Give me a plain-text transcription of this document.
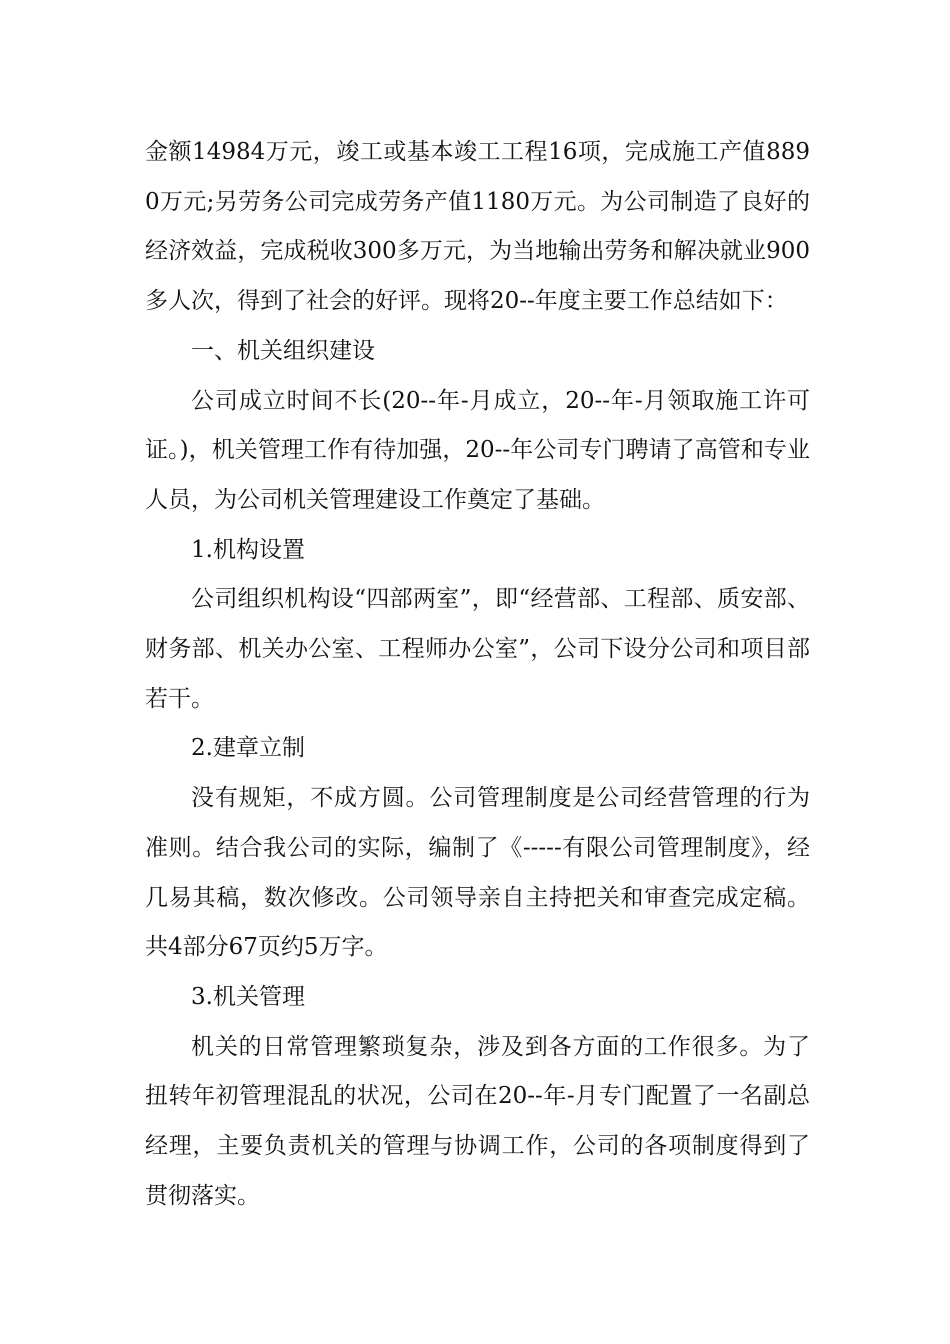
金额14984万元，竣工或基本竣工工程16项，完成施工产值8890万元;另劳务公司完成劳务产值1180万元。为公司制造了良好的经济效益，完成税收300多万元，为当地输出劳务和解决就业900多人次，得到了社会的好评。现将20--年度主要工作总结如下：

一、机关组织建设

公司成立时间不长(20--年-月成立，20--年-月领取施工许可证。)，机关管理工作有待加强，20--年公司专门聘请了高管和专业人员，为公司机关管理建设工作奠定了基础。

1.机构设置

公司组织机构设“四部两室”，即“经营部、工程部、质安部、财务部、机关办公室、工程师办公室”，公司下设分公司和项目部若干。

2.建章立制

没有规矩，不成方圆。公司管理制度是公司经营管理的行为准则。结合我公司的实际，编制了《-----有限公司管理制度》，经几易其稿，数次修改。公司领导亲自主持把关和审查完成定稿。共4部分67页约5万字。

3.机关管理

机关的日常管理繁琐复杂，涉及到各方面的工作很多。为了扭转年初管理混乱的状况，公司在20--年-月专门配置了一名副总经理，主要负责机关的管理与协调工作，公司的各项制度得到了贯彻落实。
